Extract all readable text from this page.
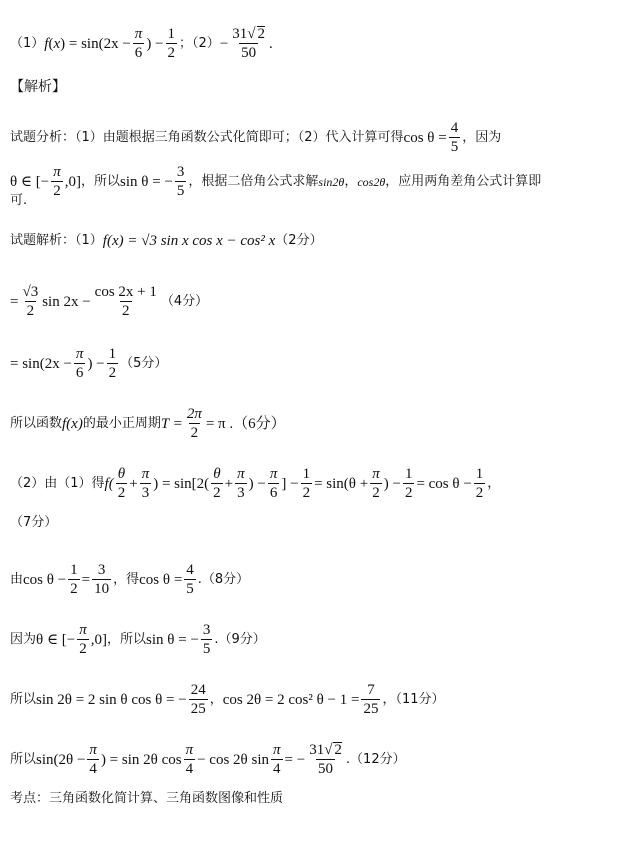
（1） f (x)
= $\sin(2x - \frac{\pi}{6}$ ) − $\frac{1}{2}$ ；$(2) - \frac{31√ 2}{50}$ .
【解析】
试题分析：（1）由题根据三角函数公式化简即可；（2）代入计算可得 $\cos \theta = \frac{4}{5}$ ，因为
θ ∈ [− $\frac{\pi}{2} ,0$] ，所以 sin θ = − $\frac{3}{5}$ ，根据二倍角公式求解 sin2θ ， cos2θ ，应用两角差角公式计算即
可.
试题解析：（1） f(x) = √3 sin x cos x − cos² x （2分）
= $\frac{√3}{2}$ $\sin 2x - \frac{\cos 2x + 1}{2} (4$分）
= $\sin(2x - \frac{\pi}{6}$ ) − $\frac{1}{2} (5$分）
所以函数 f(x) 的最小正周期 $T = \frac{2\pi}{2} = \pi$ .（6分）
（2）由（1）得 $f( \frac{\theta}{2} + \frac{\pi}{3}$ ) = $\sin[2( \frac{\theta}{2} + \frac{\pi}{3}$ ) − $\frac{\pi}{6}$ ] − $\frac{1}{2} = \sin(\theta + \frac{\pi}{2}$ ) − $\frac{1}{2} = \cos \theta - \frac{1}{2}$ ，
（7分）
由 $\cos \theta - \frac{1}{2} = \frac{3}{10}$ ，得 $\cos \theta = \frac{4}{5} .(8$分）
因为 θ ∈ [− $\frac{\pi}{2} ,0$] ，所以 sin θ = − $\frac{3}{5} .(9$分）
所以 sin 2θ = 2 sin θ cos θ = − $\frac{24}{25}$ ， cos 2θ = 2 cos² $\theta - 1 = \frac{7}{25}$ ，（11分）
所以 $\sin(2\theta - \frac{\pi}{4}$ ) = sin 2θ $\cos \frac{\pi}{4} - \cos 2\theta$ $\sin \frac{\pi}{4}$ = − $\frac{31√ 2}{50} .(12$分）
考点：三角函数化简计算、三角函数图像和性质
